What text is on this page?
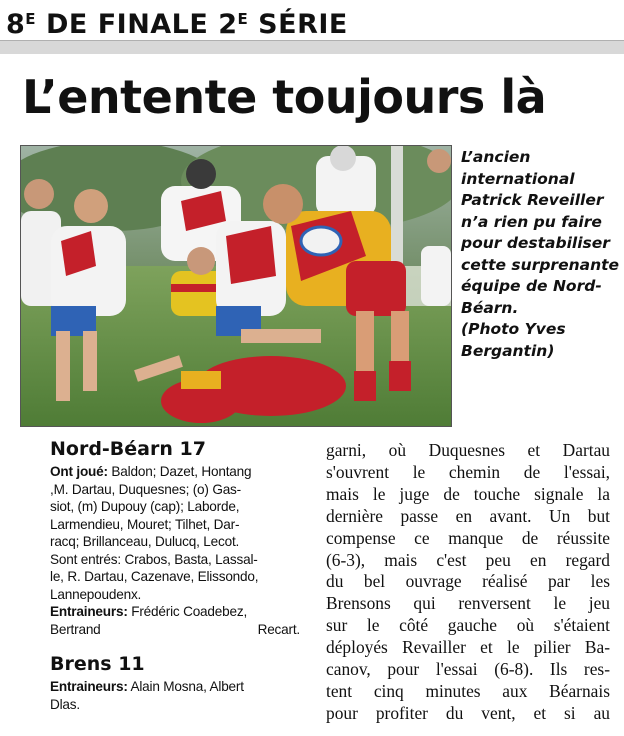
$8^E$ DE FINALE $2^E$ SÉRIE
L’entente toujours là
L’ancien
international
Patrick Reveiller
n’a rien pu faire
pour destabiliser
cette surprenante
équipe de Nord-
Béarn.
(Photo Yves
Bergantin)
Nord-Béarn 17
Ont joué: Baldon; Dazet, Hontang
,M. Dartau, Duquesnes; (o) Gas-
siot, (m) Dupouy (cap); Laborde,
Larmendieu, Mouret; Tilhet, Dar-
racq; Brillanceau, Dulucq, Lecot.
Sont entrés: Crabos, Basta, Lassal-
le, R. Dartau, Cazenave, Elissondo,
Lannepoudenx.
Entraineurs: Frédéric Coadebez,
Bertrand	Recart.
Brens 11
Entraineurs: Alain Mosna, Albert
Dlas.
garni, où Duquesnes et Dartau
s'ouvrent le chemin de l'essai,
mais le juge de touche signale la
dernière passe en avant. Un but
compense ce manque de réussite
(6-3), mais c'est peu en regard
du bel ouvrage réalisé par les
Brensons qui renversent le jeu
sur le côté gauche où s'étaient
déployés Revailler et le pilier Ba-
canov, pour l'essai (6-8). Ils res-
tent cinq minutes aux Béarnais
pour profiter du vent, et si au
